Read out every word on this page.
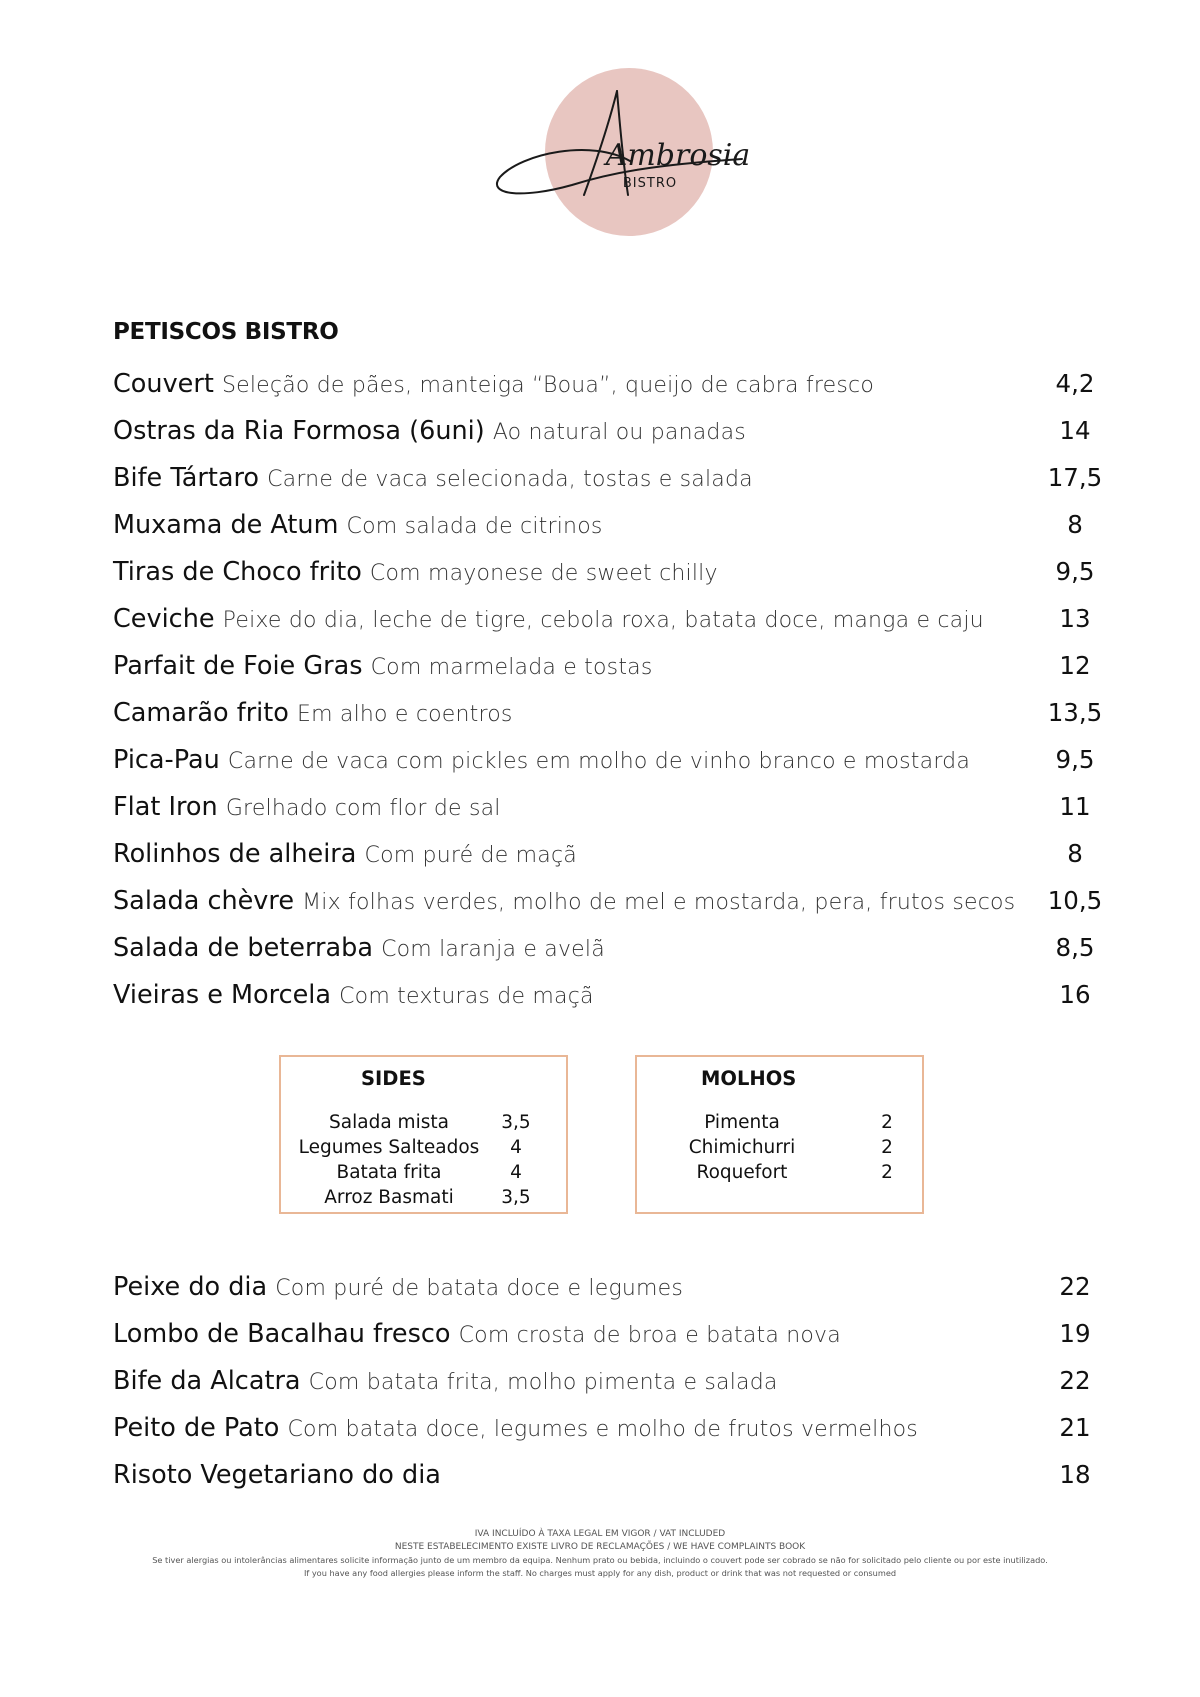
Ambrosia
BISTRO
PETISCOS BISTRO
Couvert Seleção de pães, manteiga “Boua”, queijo de cabra fresco	4,2
Ostras da Ria Formosa (6uni) Ao natural ou panadas	14
Bife Tártaro Carne de vaca selecionada, tostas e salada	17,5
Muxama de Atum Com salada de citrinos	8
Tiras de Choco frito Com mayonese de sweet chilly	9,5
Ceviche Peixe do dia, leche de tigre, cebola roxa, batata doce, manga e caju	13
Parfait de Foie Gras Com marmelada e tostas	12
Camarão frito Em alho e coentros	13,5
Pica-Pau Carne de vaca com pickles em molho de vinho branco e mostarda	9,5
Flat Iron Grelhado com flor de sal	11
Rolinhos de alheira Com puré de maçã	8
Salada chèvre Mix folhas verdes, molho de mel e mostarda, pera, frutos secos	10,5
Salada de beterraba Com laranja e avelã	8,5
Vieiras e Morcela Com texturas de maçã	16
SIDES
Salada mista	3,5
Legumes Salteados	4
Batata frita	4
Arroz Basmati	3,5
MOLHOS
Pimenta	2
Chimichurri	2
Roquefort	2
Peixe do dia Com puré de batata doce e legumes	22
Lombo de Bacalhau fresco Com crosta de broa e batata nova	19
Bife da Alcatra Com batata frita, molho pimenta e salada	22
Peito de Pato Com batata doce, legumes e molho de frutos vermelhos	21
Risoto Vegetariano do dia	18
IVA INCLUÍDO À TAXA LEGAL EM VIGOR / VAT INCLUDED
NESTE ESTABELECIMENTO EXISTE LIVRO DE RECLAMAÇÕES / WE HAVE COMPLAINTS BOOK
Se tiver alergias ou intolerâncias alimentares solicite informação junto de um membro da equipa. Nenhum prato ou bebida, incluindo o couvert pode ser cobrado se não for solicitado pelo cliente ou por este inutilizado.
If you have any food allergies please inform the staff. No charges must apply for any dish, product or drink that was not requested or consumed
